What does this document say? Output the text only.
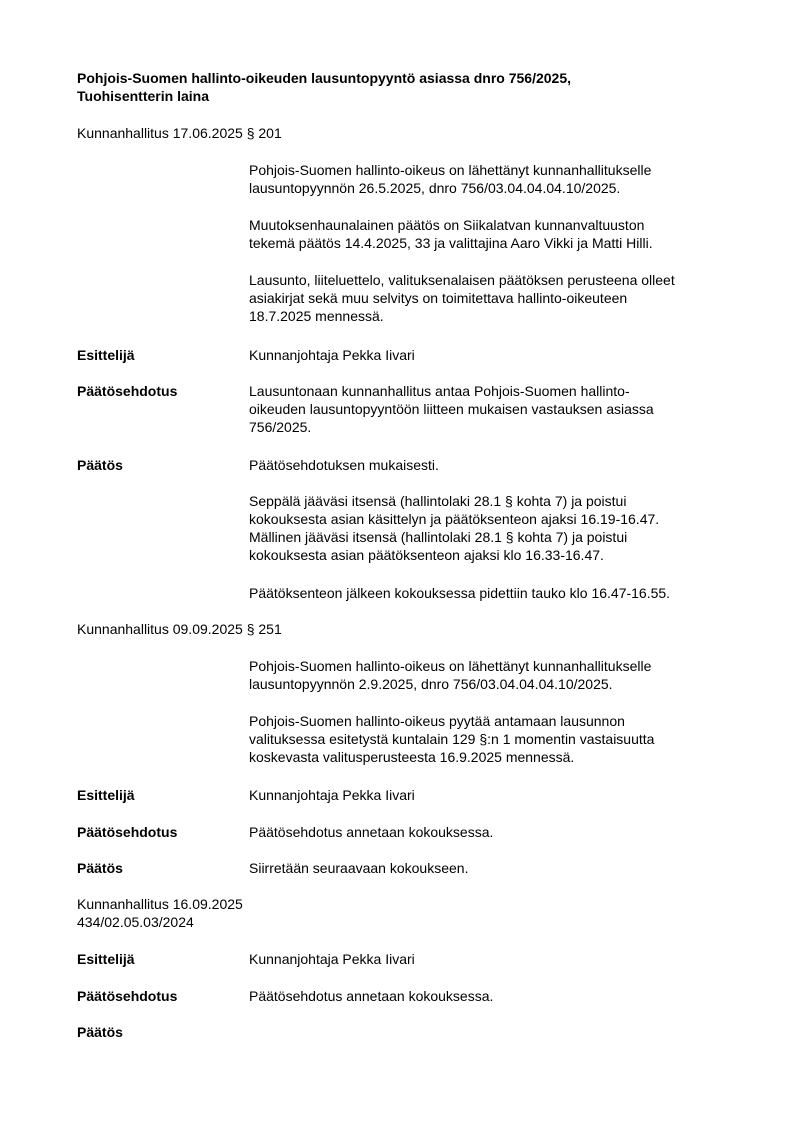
Pohjois-Suomen hallinto-oikeuden lausuntopyyntö asiassa dnro 756/2025,
Tuohisentterin laina
Kunnanhallitus 17.06.2025 § 201
Pohjois-Suomen hallinto-oikeus on lähettänyt kunnanhallitukselle
lausuntopyynnön 26.5.2025, dnro 756/03.04.04.04.10/2025.
Muutoksenhaunalainen päätös on Siikalatvan kunnanvaltuuston
tekemä päätös 14.4.2025, 33 ja valittajina Aaro Vikki ja Matti Hilli.
Lausunto, liiteluettelo, valituksenalaisen päätöksen perusteena olleet
asiakirjat sekä muu selvitys on toimitettava hallinto-oikeuteen
18.7.2025 mennessä.
Esittelijä	Kunnanjohtaja Pekka Iivari
Päätösehdotus	Lausuntonaan kunnanhallitus antaa Pohjois-Suomen hallinto-
oikeuden lausuntopyyntöön liitteen mukaisen vastauksen asiassa
756/2025.
Päätös	Päätösehdotuksen mukaisesti.
Seppälä jääväsi itsensä (hallintolaki 28.1 § kohta 7) ja poistui
kokouksesta asian käsittelyn ja päätöksenteon ajaksi 16.19-16.47.
Mällinen jääväsi itsensä (hallintolaki 28.1 § kohta 7) ja poistui
kokouksesta asian päätöksenteon ajaksi klo 16.33-16.47.
Päätöksenteon jälkeen kokouksessa pidettiin tauko klo 16.47-16.55.
Kunnanhallitus 09.09.2025 § 251
Pohjois-Suomen hallinto-oikeus on lähettänyt kunnanhallitukselle
lausuntopyynnön 2.9.2025, dnro 756/03.04.04.04.10/2025.
Pohjois-Suomen hallinto-oikeus pyytää antamaan lausunnon
valituksessa esitetystä kuntalain 129 §:n 1 momentin vastaisuutta
koskevasta valitusperusteesta 16.9.2025 mennessä.
Esittelijä	Kunnanjohtaja Pekka Iivari
Päätösehdotus	Päätösehdotus annetaan kokouksessa.
Päätös	Siirretään seuraavaan kokoukseen.
Kunnanhallitus 16.09.2025
434/02.05.03/2024
Esittelijä	Kunnanjohtaja Pekka Iivari
Päätösehdotus	Päätösehdotus annetaan kokouksessa.
Päätös
